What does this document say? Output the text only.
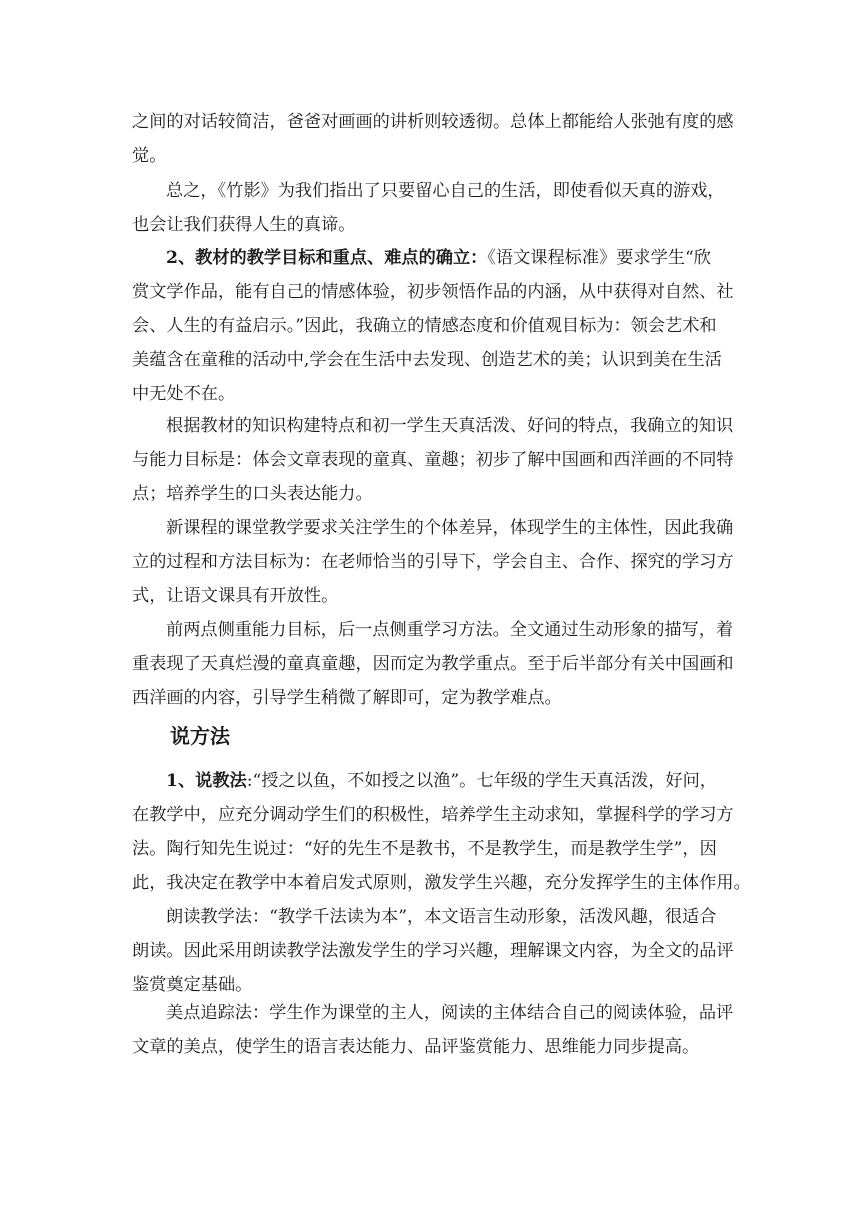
之间的对话较简洁，爸爸对画画的讲析则较透彻。总体上都能给人张弛有度的感
觉。
总之，《竹影》为我们指出了只要留心自己的生活，即使看似天真的游戏，
也会让我们获得人生的真谛。
2、教材的教学目标和重点、难点的确立：《语文课程标准》要求学生“欣
赏文学作品，能有自己的情感体验，初步领悟作品的内涵，从中获得对自然、社
会、人生的有益启示。”因此，我确立的情感态度和价值观目标为：领会艺术和
美蕴含在童稚的活动中,学会在生活中去发现、创造艺术的美；认识到美在生活
中无处不在。
根据教材的知识构建特点和初一学生天真活泼、好问的特点，我确立的知识
与能力目标是：体会文章表现的童真、童趣；初步了解中国画和西洋画的不同特
点；培养学生的口头表达能力。
新课程的课堂教学要求关注学生的个体差异，体现学生的主体性，因此我确
立的过程和方法目标为：在老师恰当的引导下，学会自主、合作、探究的学习方
式，让语文课具有开放性。
前两点侧重能力目标，后一点侧重学习方法。全文通过生动形象的描写，着
重表现了天真烂漫的童真童趣，因而定为教学重点。至于后半部分有关中国画和
西洋画的内容，引导学生稍微了解即可，定为教学难点。
说方法
1、说教法:“授之以鱼，不如授之以渔”。七年级的学生天真活泼，好问，
在教学中，应充分调动学生们的积极性，培养学生主动求知，掌握科学的学习方
法。陶行知先生说过：“好的先生不是教书，不是教学生，而是教学生学”，因
此，我决定在教学中本着启发式原则，激发学生兴趣，充分发挥学生的主体作用。
朗读教学法：“教学千法读为本”，本文语言生动形象，活泼风趣，很适合
朗读。因此采用朗读教学法激发学生的学习兴趣，理解课文内容，为全文的品评
鉴赏奠定基础。
美点追踪法：学生作为课堂的主人，阅读的主体结合自己的阅读体验，品评
文章的美点，使学生的语言表达能力、品评鉴赏能力、思维能力同步提高。
